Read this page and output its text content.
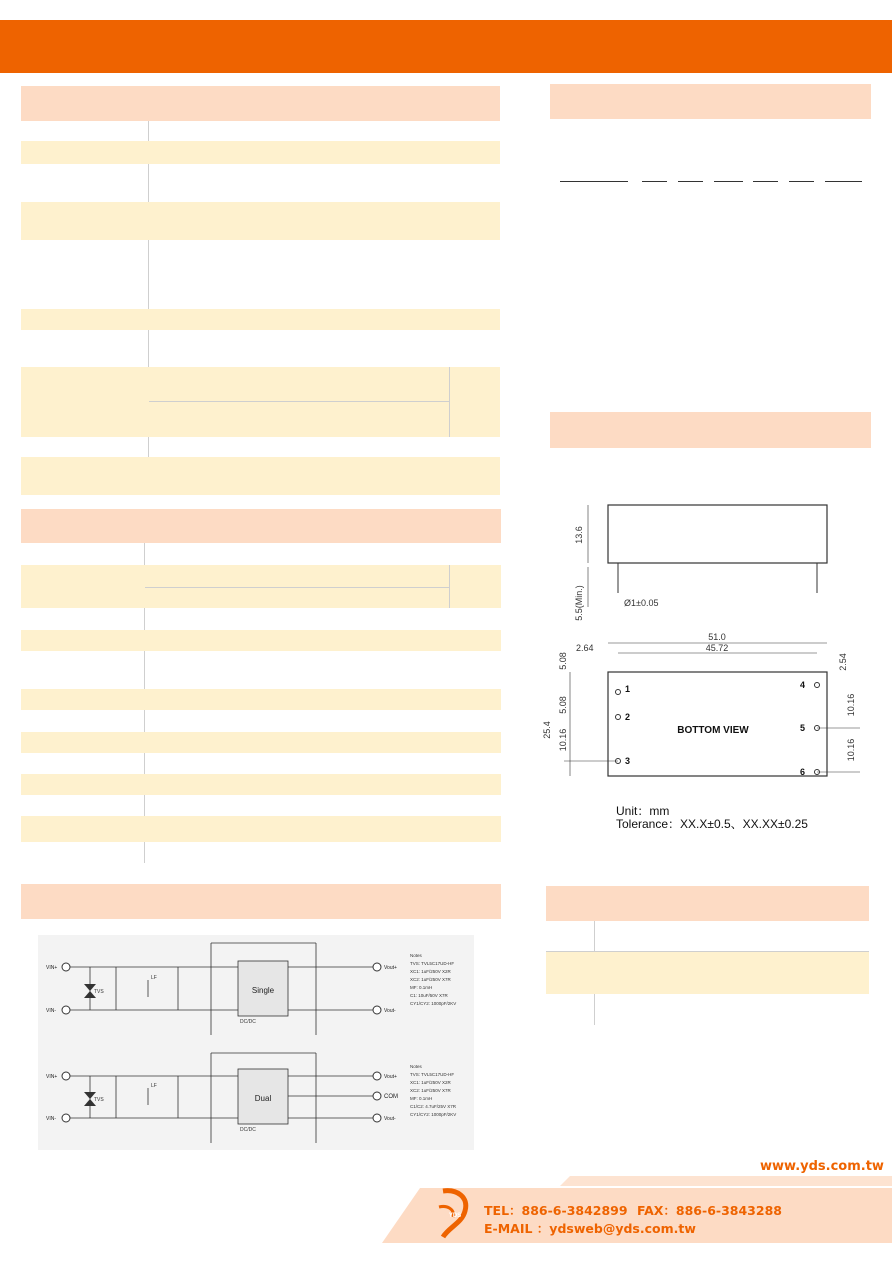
Single
DC/DC
VIN+
VIN-
Vout+
Vout-
TVS
LF
Notes
TVS: TVL5C17UD-HF
XC1: 1uF/250V X2R
XC2: 1uF/250V X7R
MF: 0.1mH
C1: 10uF/50V X7R
CY1/CY2: 1000pF/2KV
Dual
DC/DC
VIN+
VIN-
Vout+
COM
Vout-
TVS
LF
Notes
TVS: TVL5C17UD-HF
XC1: 1uF/250V X2R
XC2: 1uF/250V X7R
MF: 0.1mH
C1/C2: 4.7uF/25V X7R
CY1/CY2: 1000pF/2KV
13.6
5.5(Min.)	Ø1±0.05
51.0
45.72
2.64
BOTTOM VIEW
1
2
3
4
5
6
5.08
5.08
25.4 10.16
2.54
10.16
10.16
Unit：mm
Tolerance：XX.X±0.5、XX.XX±0.25
www.yds.com.tw
YDS TEL：886-6-3842899 FAX：886-6-3843288
E-MAIL ：ydsweb@yds.com.tw
